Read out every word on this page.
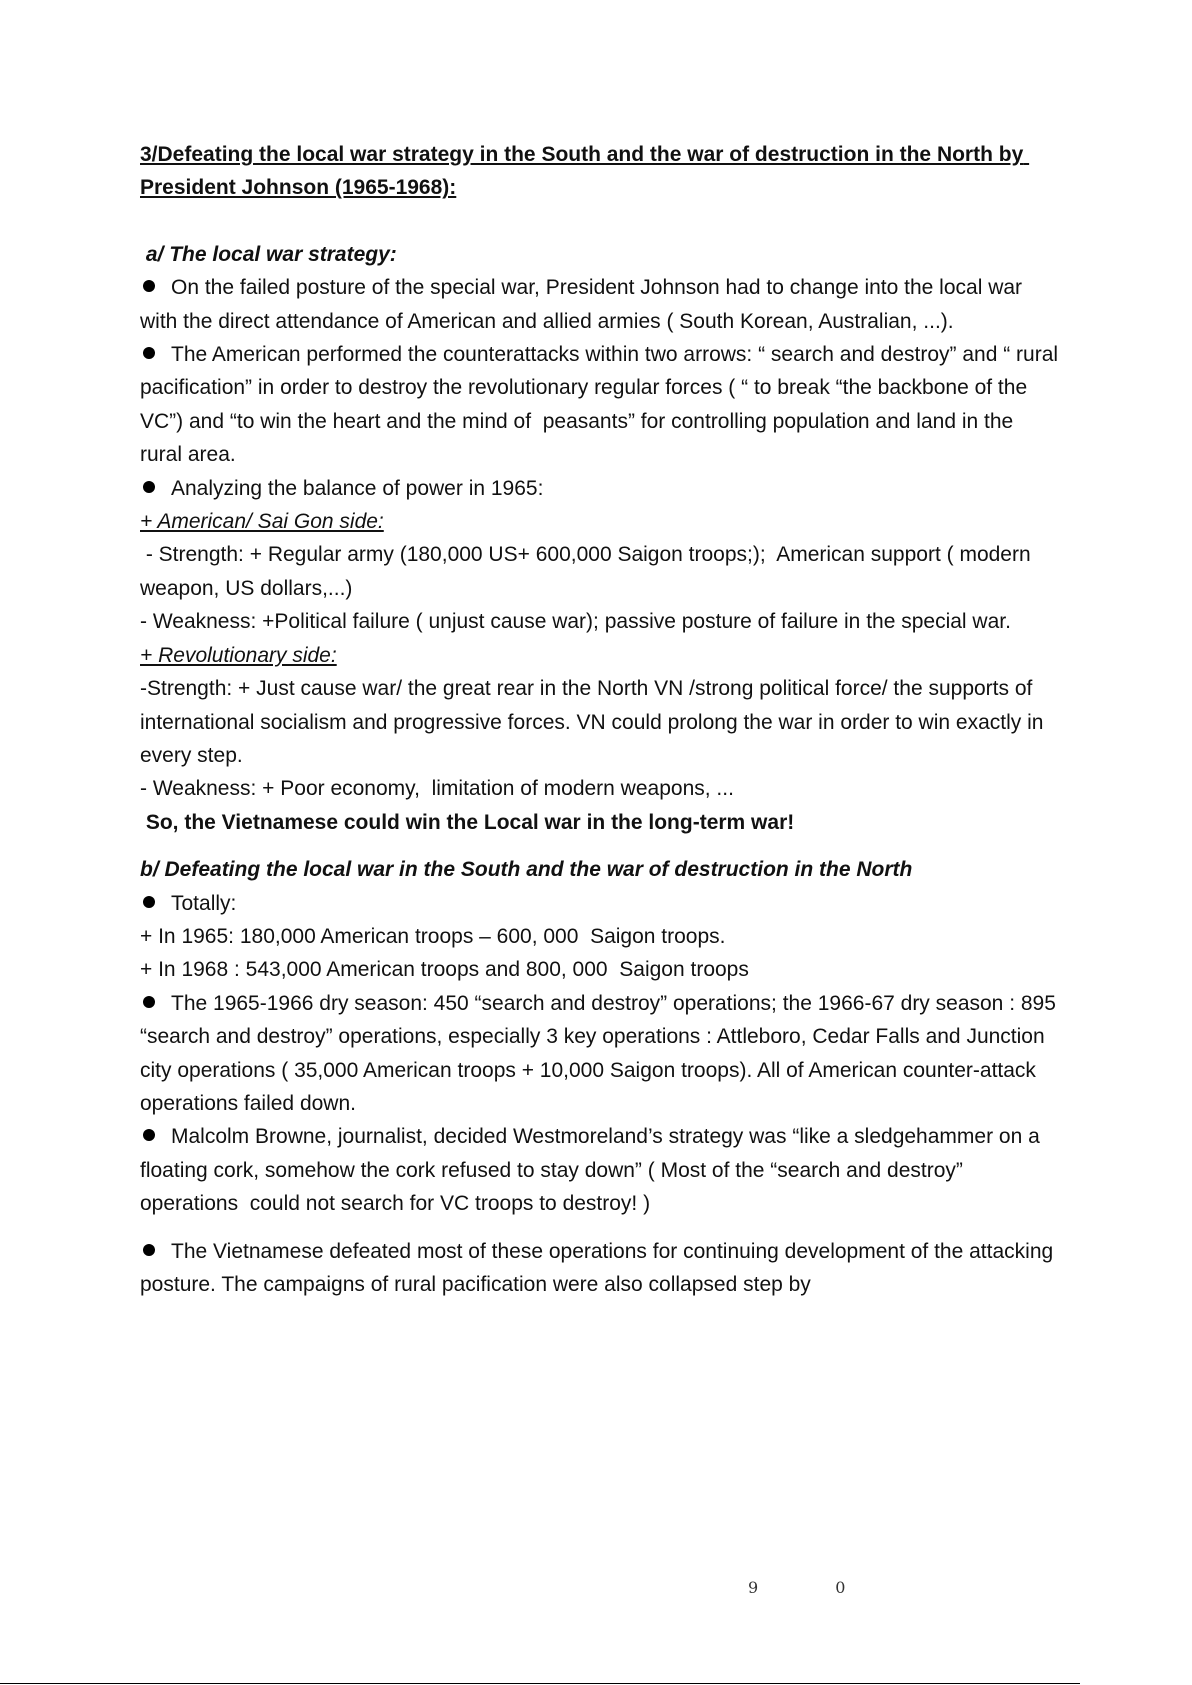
3/Defeating the local war strategy in the South and the war of destruction in the North by President Johnson (1965-1968):

a/ The local war strategy:

On the failed posture of the special war, President Johnson had to change into the local war with the direct attendance of American and allied armies ( South Korean, Australian, ...).

The American performed the counterattacks within two arrows: “ search and destroy” and “ rural pacification” in order to destroy the revolutionary regular forces ( “ to break “the backbone of the VC”) and “to win the heart and the mind of  peasants” for controlling population and land in the rural area.

Analyzing the balance of power in 1965:

+ American/ Sai Gon side:

- Strength: + Regular army (180,000 US+ 600,000 Saigon troops;);  American support ( modern weapon, US dollars,...)

- Weakness: +Political failure ( unjust cause war); passive posture of failure in the special war.

+ Revolutionary side:

-Strength: + Just cause war/ the great rear in the North VN /strong political force/ the supports of international socialism and progressive forces. VN could prolong the war in order to win exactly in every step.

- Weakness: + Poor economy,  limitation of modern weapons, ...

So, the Vietnamese could win the Local war in the long-term war!

b/ Defeating the local war in the South and the war of destruction in the North

Totally:

+ In 1965: 180,000 American troops – 600, 000  Saigon troops.

+ In 1968 : 543,000 American troops and 800, 000  Saigon troops

The 1965-1966 dry season: 450 “search and destroy” operations; the 1966-67 dry season : 895 “search and destroy” operations, especially 3 key operations : Attleboro, Cedar Falls and Junction city operations ( 35,000 American troops + 10,000 Saigon troops). All of American counter-attack operations failed down.

Malcolm Browne, journalist, decided Westmoreland’s strategy was “like a sledgehammer on a floating cork, somehow the cork refused to stay down” ( Most of the “search and destroy” operations  could not search for VC troops to destroy! )

The Vietnamese defeated most of these operations for continuing development of the attacking posture. The campaigns of rural pacification were also collapsed step by

9 0
